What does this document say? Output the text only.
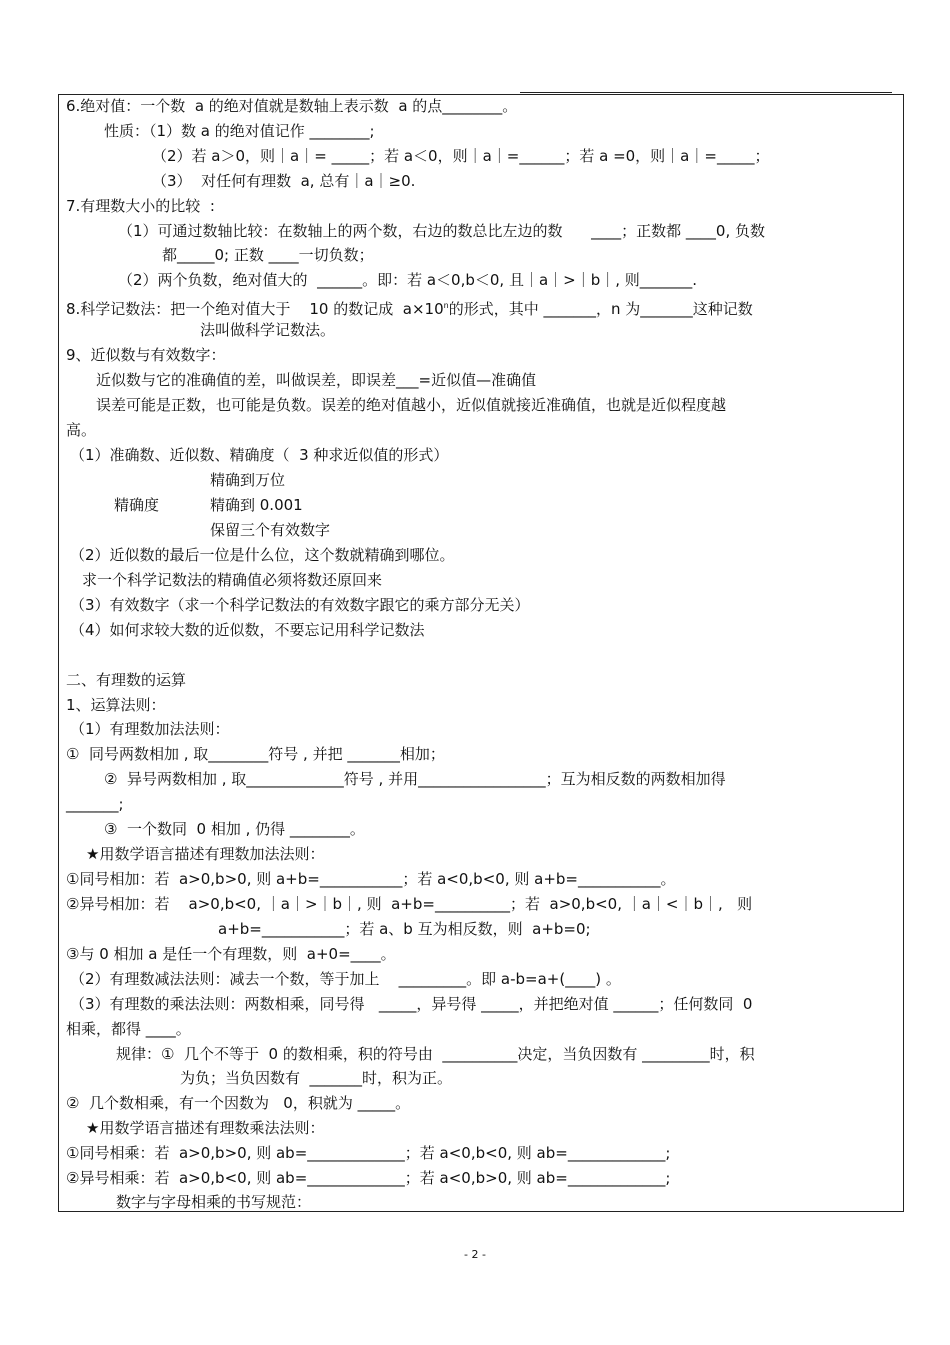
6.绝对值：一个数  a 的绝对值就是数轴上表示数  a 的点________。
性质：（1）数 a 的绝对值记作 ________;
（2）若 a＞0，则｜a｜= _____；若 a＜0，则｜a｜=______；若 a =0，则｜a｜=_____；
（3）  对任何有理数  a, 总有｜a｜≥0.
7.有理数大小的比较  :
（1）可通过数轴比较：在数轴上的两个数，右边的数总比左边的数      ____；正数都 ____0, 负数
都_____0; 正数 ____一切负数；
（2）两个负数，绝对值大的  ______。即：若 a＜0,b＜0, 且｜a｜>｜b｜, 则_______.
8.科学记数法：把一个绝对值大于    10 的数记成  $a\times 10^n$的形式，其中 _______，n 为_______这种记数
法叫做科学记数法。
9、近似数与有效数字：
近似数与它的准确值的差，叫做误差，即误差___=近似值—准确值
误差可能是正数，也可能是负数。误差的绝对值越小，近似值就接近准确值，也就是近似程度越
高。
（1）准确数、近似数、精确度（  3 种求近似值的形式）
精确到万位
精确度	精确到 0.001
保留三个有效数字
（2）近似数的最后一位是什么位，这个数就精确到哪位。
求一个科学记数法的精确值必须将数还原回来
（3）有效数字（求一个科学记数法的有效数字跟它的乘方部分无关）
（4）如何求较大数的近似数，不要忘记用科学记数法
二、有理数的运算
1、运算法则：
（1）有理数加法法则：
①  同号两数相加 , 取________符号 , 并把 _______相加；
②  异号两数相加 , 取_____________符号 , 并用_________________；互为相反数的两数相加得
_______;
③  一个数同  0 相加 , 仍得 ________。
★用数学语言描述有理数加法法则：
①同号相加：若  a>0,b>0, 则 a+b=___________；若 a<0,b<0, 则 a+b=___________。
②异号相加：若    a>0,b<0, ｜a｜>｜b｜, 则  a+b=__________；若  a>0,b<0, ｜a｜<｜b｜,   则
a+b=___________；若 a、b 互为相反数，则  a+b=0;
③与 0 相加 a 是任一个有理数，则  a+0=____。
（2）有理数减法法则：减去一个数，等于加上    _________。即 a-b=a+(____) 。
（3）有理数的乘法法则：两数相乘，同号得   _____，异号得 _____，并把绝对值 ______；任何数同  0
相乘，都得 ____。
规律：①  几个不等于  0 的数相乘，积的符号由  __________决定，当负因数有 _________时，积
为负；当负因数有  _______时，积为正。
②  几个数相乘，有一个因数为   0，积就为 _____。
★用数学语言描述有理数乘法法则：
①同号相乘：若  a>0,b>0, 则 ab=_____________；若 a<0,b<0, 则 ab=_____________;
②异号相乘：若  a>0,b<0, 则 ab=_____________；若 a<0,b>0, 则 ab=_____________;
数字与字母相乘的书写规范：
- 2 -
